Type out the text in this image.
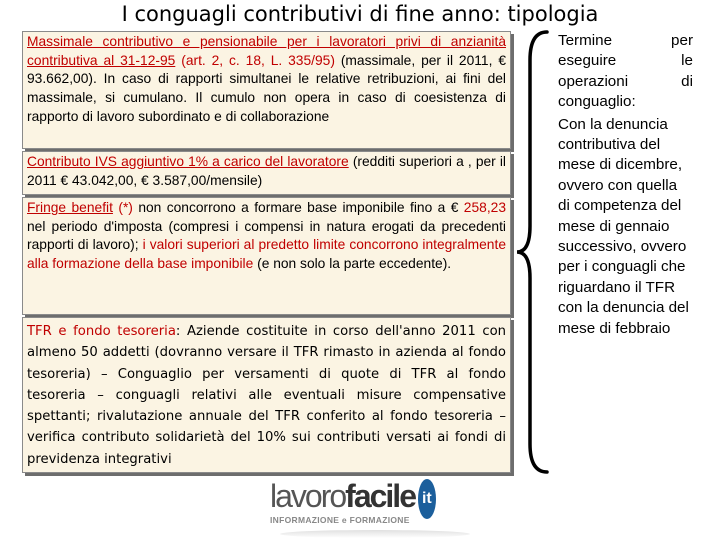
I conguagli contributivi di fine anno: tipologia
Massimale contributivo e pensionabile per i lavoratori privi di anzianità contributiva al 31-12-95 (art. 2, c. 18, L. 335/95) (massimale, per il 2011, € 93.662,00). In caso di rapporti simultanei le relative retribuzioni, ai fini del massimale, si cumulano. Il cumulo non opera in caso di coesistenza di rapporto di lavoro subordinato e di collaborazione
Contributo IVS aggiuntivo 1% a carico del lavoratore (redditi superiori a , per il 2011 € 43.042,00, € 3.587,00/mensile)
Fringe benefit (*) non concorrono a formare base imponibile fino a € 258,23 nel periodo d'imposta (compresi i compensi in natura erogati da precedenti rapporti di lavoro); i valori superiori al predetto limite concorrono integralmente alla formazione della base imponibile (e non solo la parte eccedente).
TFR e fondo tesoreria: Aziende costituite in corso dell'anno 2011 con almeno 50 addetti (dovranno versare il TFR rimasto in azienda al fondo tesoreria) – Conguaglio per versamenti di quote di TFR al fondo tesoreria – conguagli relativi alle eventuali misure compensative spettanti; rivalutazione annuale del TFR conferito al fondo tesoreria – verifica contributo solidarietà del 10% sui contributi versati ai fondi di previdenza integrativi
Termine per eseguire le operazioni di conguaglio:
Con la denuncia contributiva del mese di dicembre, ovvero con quella di competenza del mese di gennaio successivo, ovvero per i conguagli che riguardano il TFR con la denuncia del mese di febbraio
lavorofacile it
INFORMAZIONE e FORMAZIONE
